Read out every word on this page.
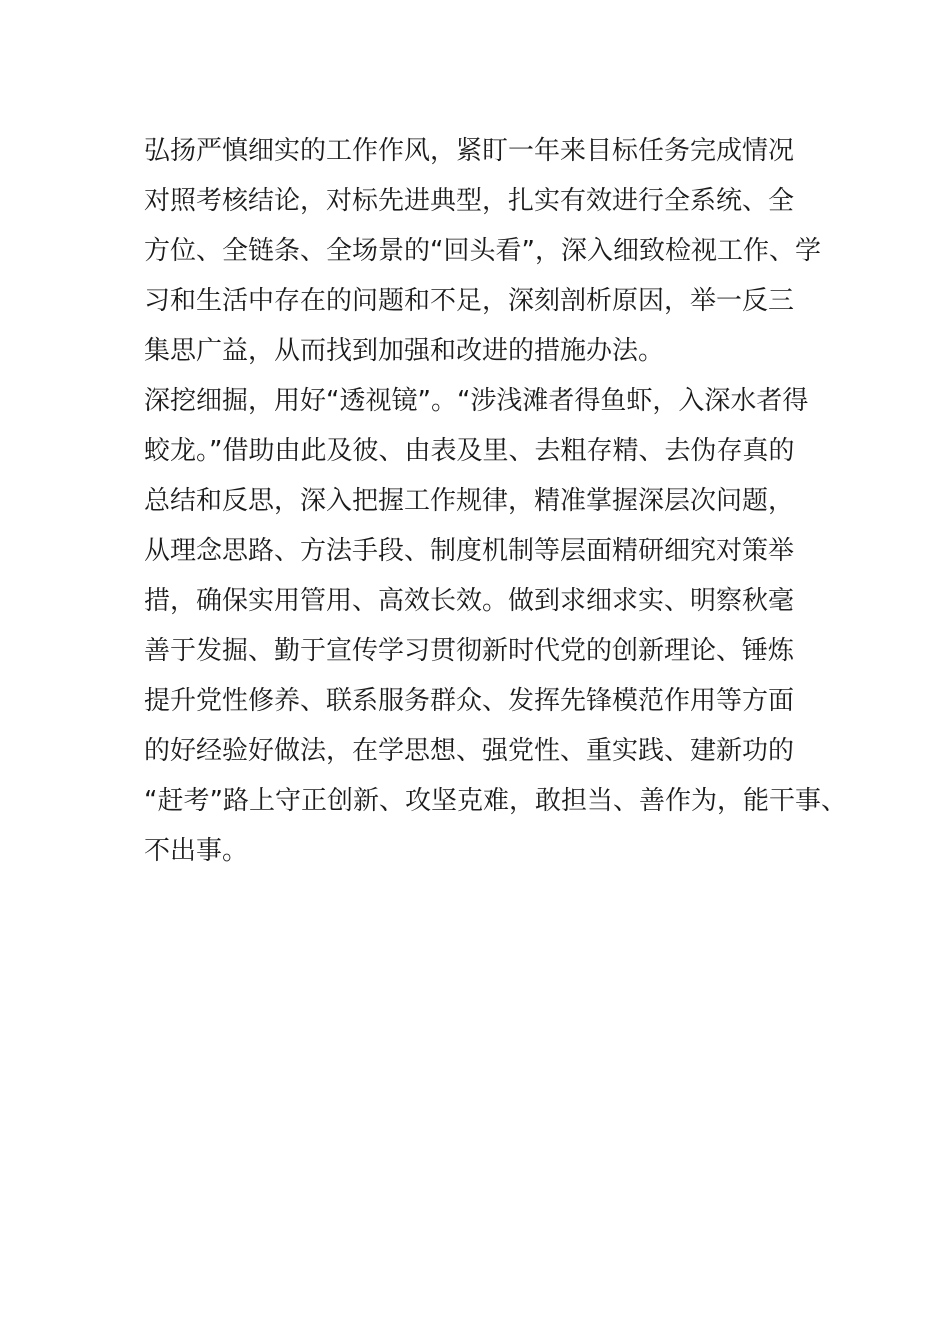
弘扬严慎细实的工作作风，紧盯一年来目标任务完成情况
对照考核结论，对标先进典型，扎实有效进行全系统、全
方位、全链条、全场景的“回头看”，深入细致检视工作、学
习和生活中存在的问题和不足，深刻剖析原因，举一反三
集思广益，从而找到加强和改进的措施办法。
深挖细掘，用好“透视镜”。“涉浅滩者得鱼虾，入深水者得
蛟龙。”借助由此及彼、由表及里、去粗存精、去伪存真的
总结和反思，深入把握工作规律，精准掌握深层次问题，
从理念思路、方法手段、制度机制等层面精研细究对策举
措，确保实用管用、高效长效。做到求细求实、明察秋毫
善于发掘、勤于宣传学习贯彻新时代党的创新理论、锤炼
提升党性修养、联系服务群众、发挥先锋模范作用等方面
的好经验好做法，在学思想、强党性、重实践、建新功的
“赶考”路上守正创新、攻坚克难，敢担当、善作为，能干事、
不出事。
